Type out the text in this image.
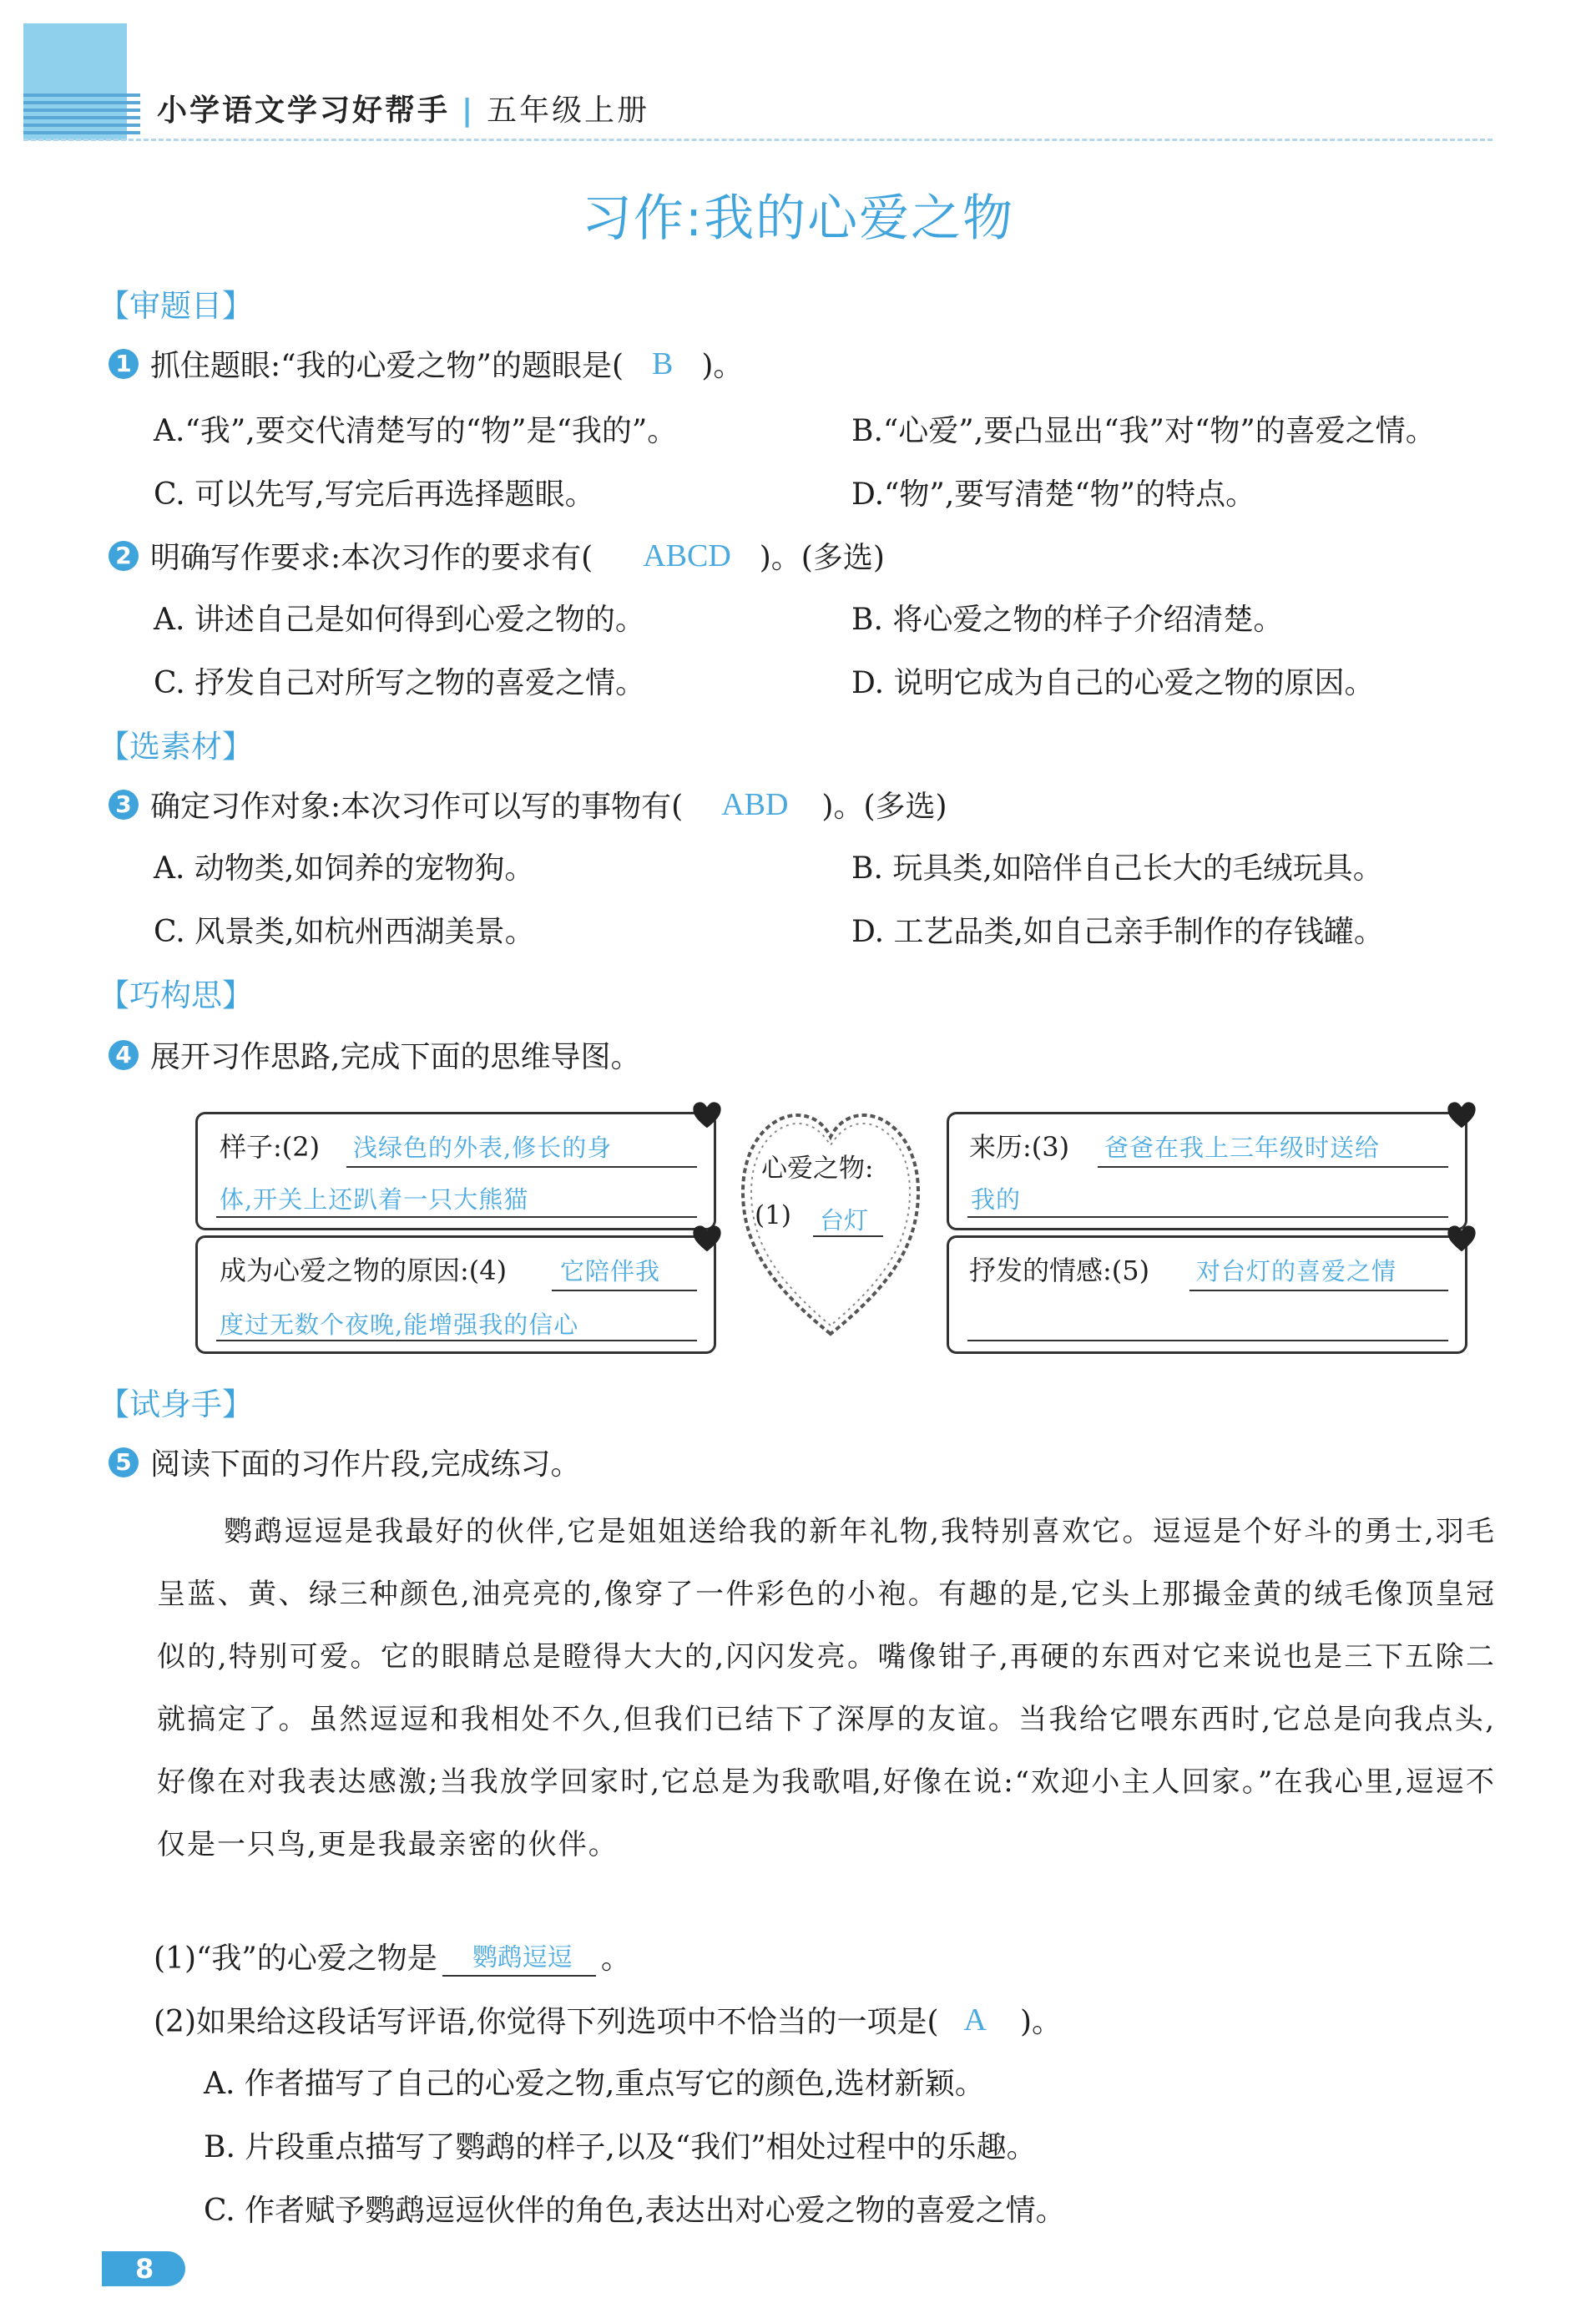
小学语文学习好帮手 | 五年级上册
习作:我的心爱之物
【审题目】
1 抓住题眼:“我的心爱之物”的题眼是( B )。
A.“我”,要交代清楚写的“物”是“我的”。	B.“心爱”,要凸显出“我”对“物”的喜爱之情。
C. 可以先写,写完后再选择题眼。	D.“物”,要写清楚“物”的特点。
2 明确写作要求:本次习作的要求有( ABCD )。(多选)
A. 讲述自己是如何得到心爱之物的。	B. 将心爱之物的样子介绍清楚。
C. 抒发自己对所写之物的喜爱之情。	D. 说明它成为自己的心爱之物的原因。
【选素材】
3 确定习作对象:本次习作可以写的事物有( ABD )。(多选)
A. 动物类,如饲养的宠物狗。	B. 玩具类,如陪伴自己长大的毛绒玩具。
C. 风景类,如杭州西湖美景。	D. 工艺品类,如自己亲手制作的存钱罐。
【巧构思】
4 展开习作思路,完成下面的思维导图。
样子:(2) 浅绿色的外表,修长的身
体,开关上还趴着一只大熊猫
成为心爱之物的原因:(4) 它陪伴我
度过无数个夜晚,能增强我的信心
心爱之物:
(1) 台灯
来历:(3) 爸爸在我上三年级时送给
我的
抒发的情感:(5) 对台灯的喜爱之情
【试身手】
5 阅读下面的习作片段,完成练习。

鹦鹉逗逗是我最好的伙伴,它是姐姐送给我的新年礼物,我特别喜欢它。逗逗是个好斗的勇士,羽毛呈蓝、黄、绿三种颜色,油亮亮的,像穿了一件彩色的小袍。有趣的是,它头上那撮金黄的绒毛像顶皇冠似的,特别可爱。它的眼睛总是瞪得大大的,闪闪发亮。嘴像钳子,再硬的东西对它来说也是三下五除二就搞定了。虽然逗逗和我相处不久,但我们已结下了深厚的友谊。当我给它喂东西时,它总是向我点头,好像在对我表达感激;当我放学回家时,它总是为我歌唱,好像在说:“欢迎小主人回家。”在我心里,逗逗不仅是一只鸟,更是我最亲密的伙伴。

(1)“我”的心爱之物是	鹦鹉逗逗 。
(2)如果给这段话写评语,你觉得下列选项中不恰当的一项是( A )。
A. 作者描写了自己的心爱之物,重点写它的颜色,选材新颖。
B. 片段重点描写了鹦鹉的样子,以及“我们”相处过程中的乐趣。
C. 作者赋予鹦鹉逗逗伙伴的角色,表达出对心爱之物的喜爱之情。
8
